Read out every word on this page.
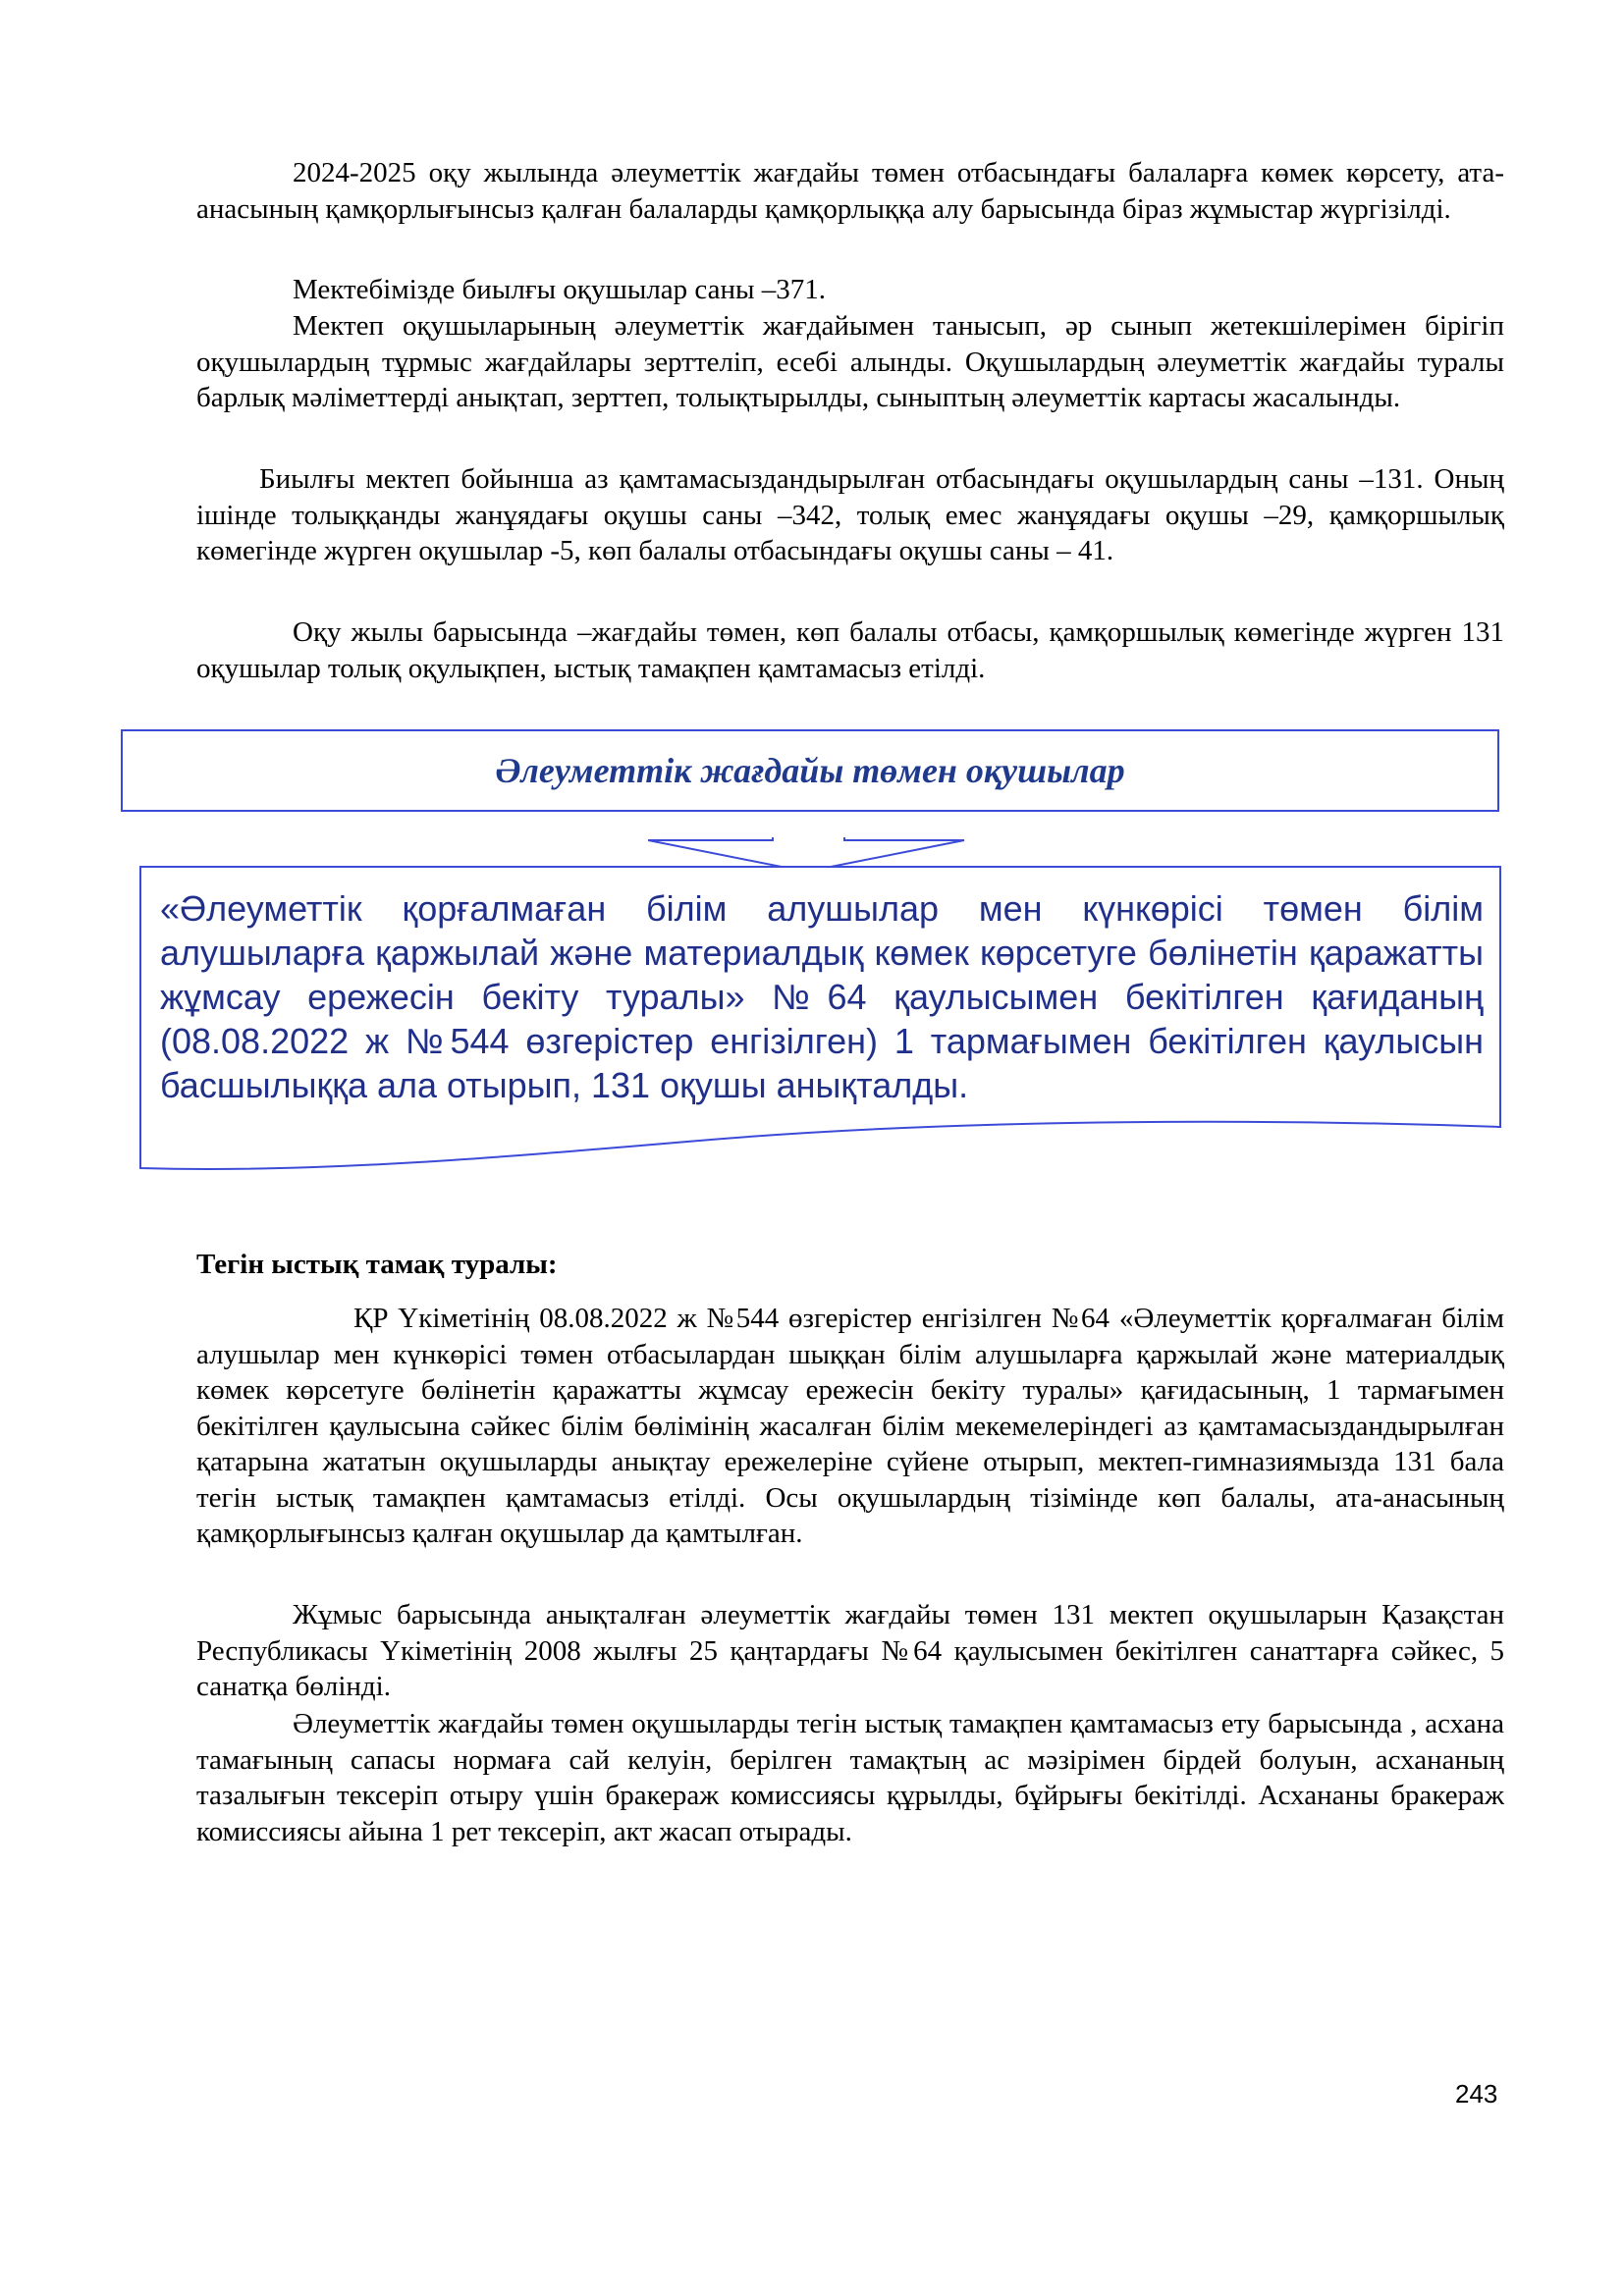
2024-2025 оқу жылында әлеуметтік жағдайы төмен отбасындағы балаларға көмек көрсету, ата-анасының қамқорлығынсыз қалған балаларды қамқорлыққа алу барысында біраз жұмыстар жүргізілді.

Мектебімізде биылғы оқушылар саны –371.

Мектеп оқушыларының әлеуметтік жағдайымен танысып, әр сынып жетекшілерімен бірігіп оқушылардың тұрмыс жағдайлары зерттеліп, есебі алынды. Оқушылардың әлеуметтік жағдайы туралы барлық мәліметтерді анықтап, зерттеп, толықтырылды, сыныптың әлеуметтік картасы жасалынды.

Биылғы мектеп бойынша аз қамтамасыздандырылған отбасындағы оқушылардың саны –131. Оның ішінде толыққанды жанұядағы оқушы саны –342, толық емес жанұядағы оқушы –29, қамқоршылық көмегінде жүрген оқушылар -5, көп балалы отбасындағы оқушы саны – 41.

Оқу жылы барысында –жағдайы төмен, көп балалы отбасы, қамқоршылық көмегінде жүрген 131 оқушылар толық оқулықпен, ыстық тамақпен қамтамасыз етілді.

Әлеуметтік жағдайы төмен оқушылар

«Әлеуметтік қорғалмаған білім алушылар мен күнкөрісі төмен білім алушыларға қаржылай және материалдық көмек көрсетуге бөлінетін қаражатты жұмсау ережесін бекіту туралы» №64 қаулысымен бекітілген қағиданың (08.08.2022 ж №544 өзгерістер енгізілген) 1 тармағымен бекітілген қаулысын басшылыққа ала отырып, 131 оқушы анықталды.

Тегін ыстық тамақ туралы:

ҚР Үкіметінің 08.08.2022 ж №544 өзгерістер енгізілген №64 «Әлеуметтік қорғалмаған білім алушылар мен күнкөрісі төмен отбасылардан шыққан білім алушыларға қаржылай және материалдық көмек көрсетуге бөлінетін қаражатты жұмсау ережесін бекіту туралы» қағидасының, 1 тармағымен бекітілген қаулысына сәйкес білім бөлімінің жасалған білім мекемелеріндегі аз қамтамасыздандырылған қатарына жататын оқушыларды анықтау ережелеріне сүйене отырып, мектеп-гимназиямызда 131 бала тегін ыстық тамақпен қамтамасыз етілді. Осы оқушылардың тізімінде көп балалы, ата-анасының қамқорлығынсыз қалған оқушылар да қамтылған.

Жұмыс барысында анықталған әлеуметтік жағдайы төмен 131 мектеп оқушыларын Қазақстан Республикасы Үкіметінің 2008 жылғы 25 қаңтардағы №64 қаулысымен бекітілген санаттарға сәйкес, 5 санатқа бөлінді.

Әлеуметтік жағдайы төмен оқушыларды тегін ыстық тамақпен қамтамасыз ету барысында , асхана тамағының сапасы нормаға сай келуін, берілген тамақтың ас мәзірімен бірдей болуын, асхананың тазалығын тексеріп отыру үшін бракераж комиссиясы құрылды, бұйрығы бекітілді. Асхананы бракераж комиссиясы айына 1 рет тексеріп, акт жасап отырады.

243
